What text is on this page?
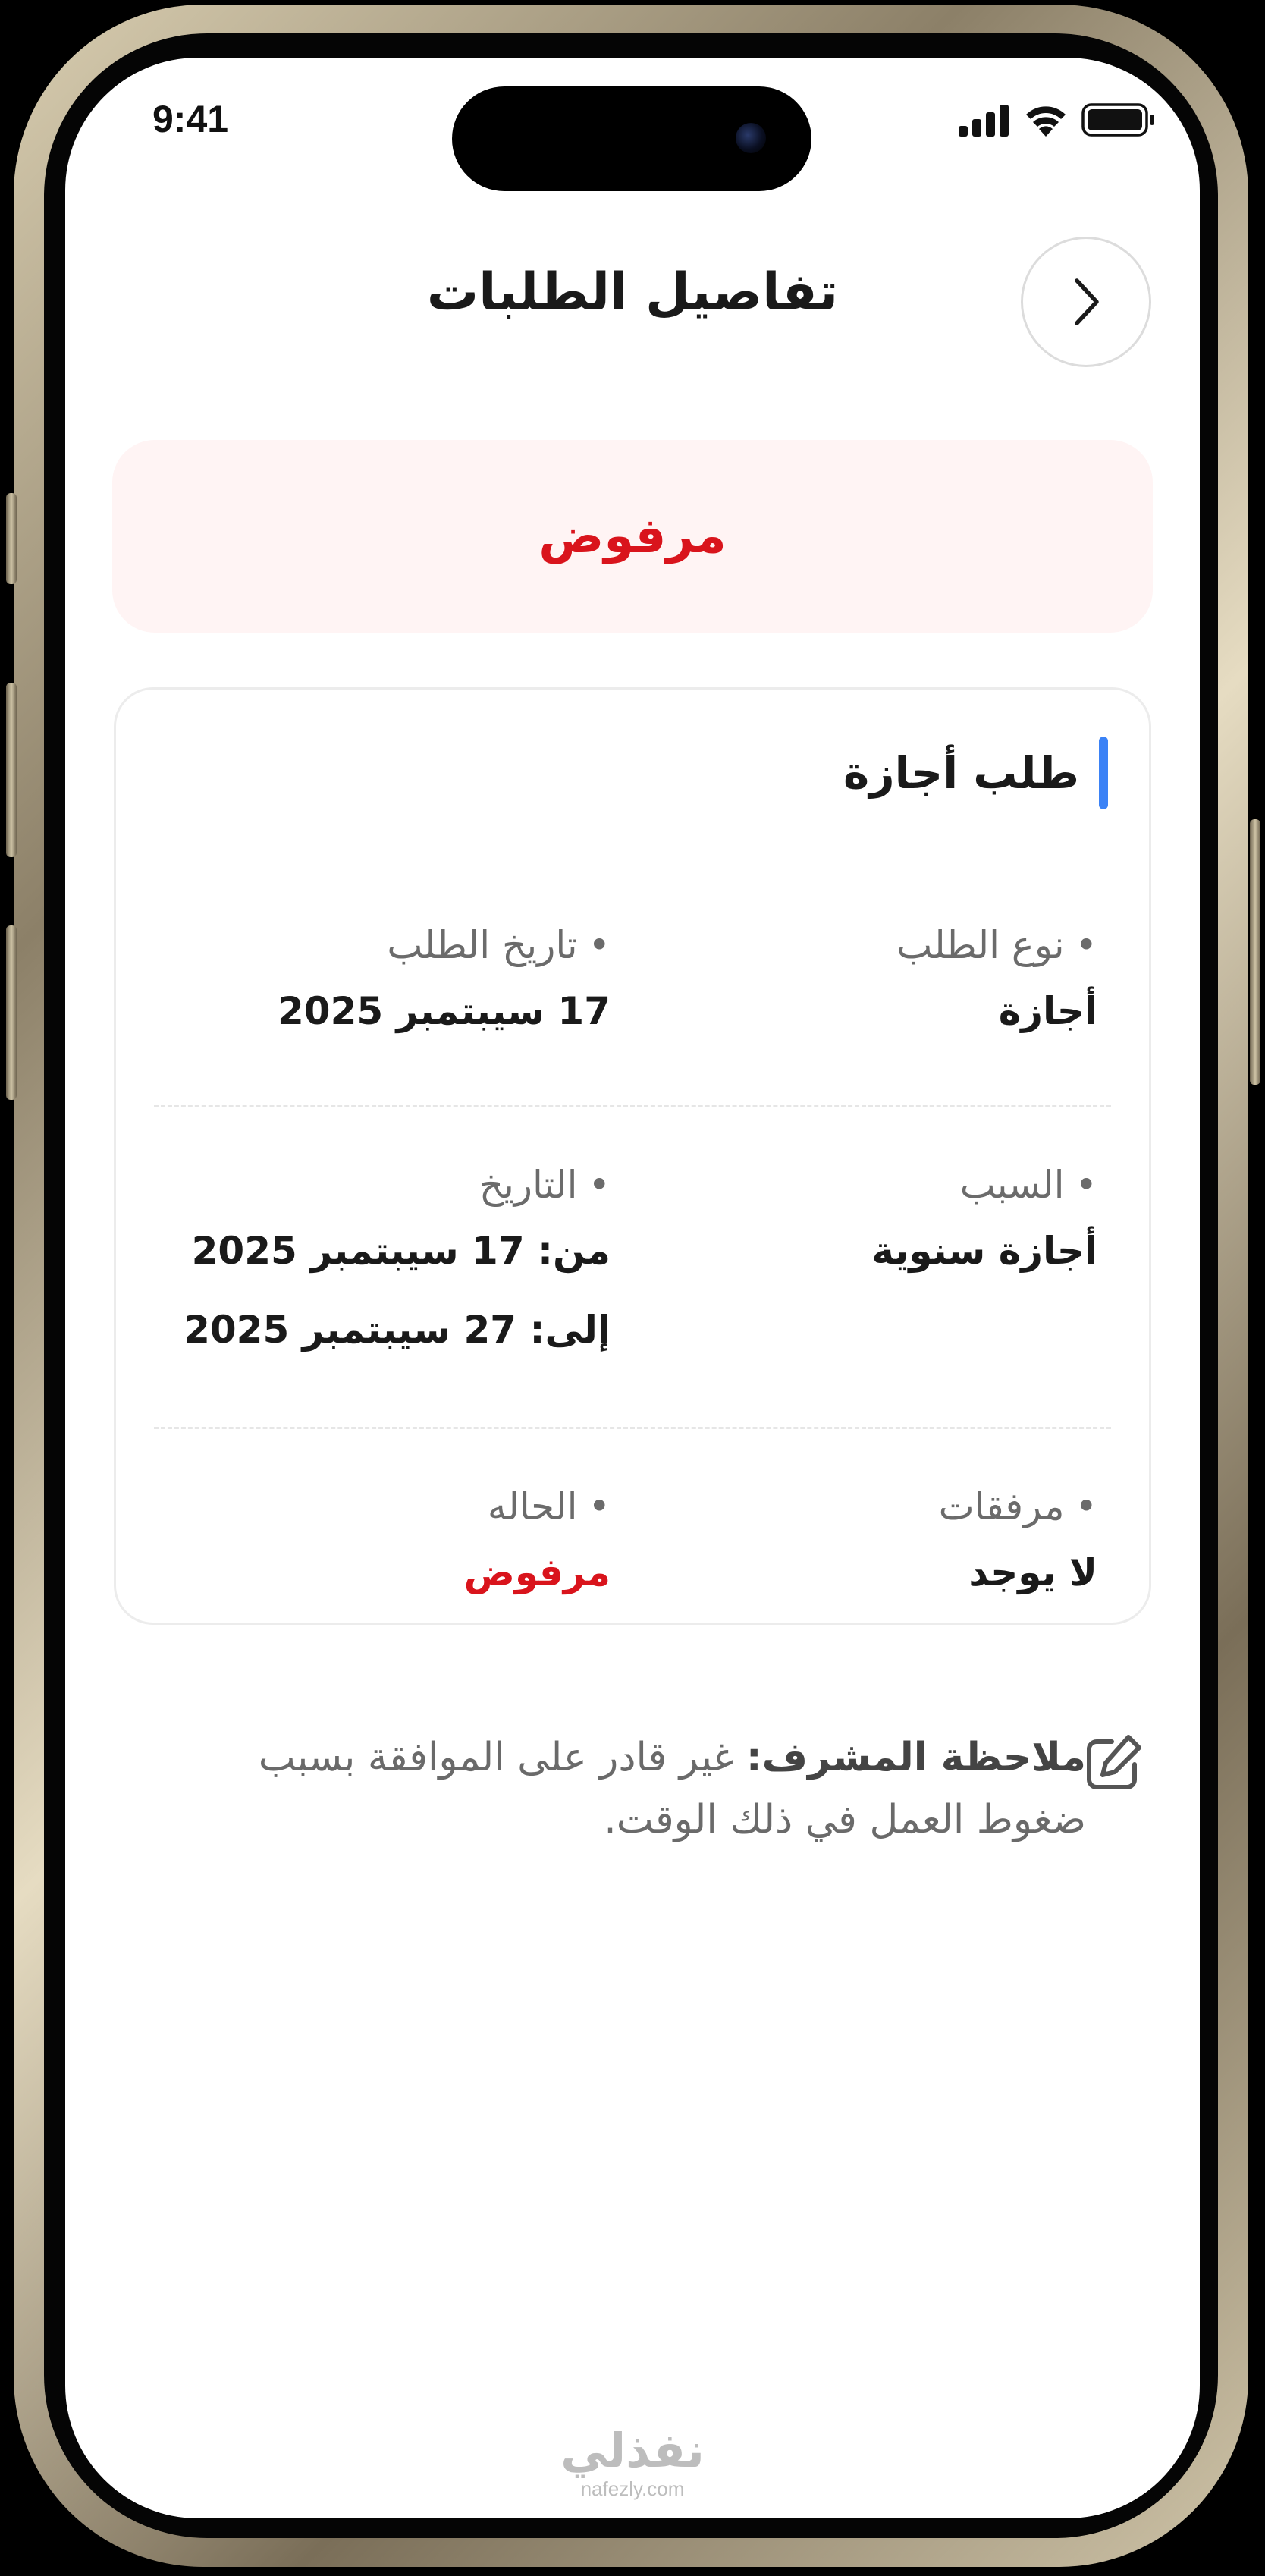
9:41
تفاصيل الطلبات
مرفوض
طلب أجازة
• نوع الطلب
أجازة
• تاريخ الطلب
17 سيبتمبر 2025
• السبب
أجازة سنوية
• التاريخ
من: 17 سيبتمبر 2025
إلى: 27 سيبتمبر 2025
• مرفقات
لا يوجد
• الحاله
مرفوض
ملاحظة المشرف: غير قادر على الموافقة بسبب ضغوط العمل في ذلك الوقت.
نفذلي
nafezly.com
